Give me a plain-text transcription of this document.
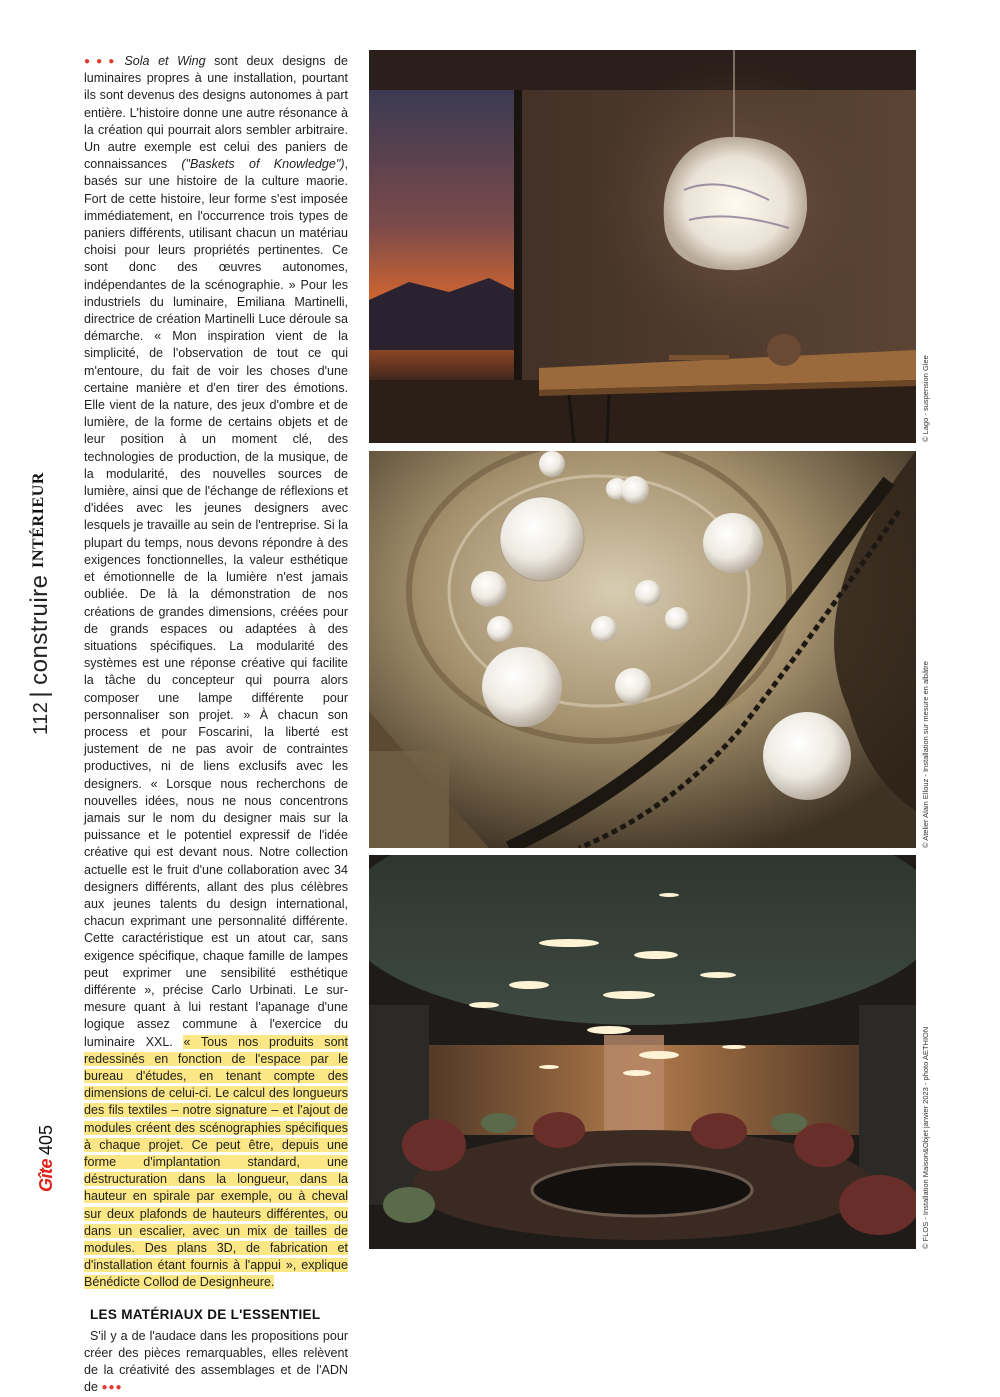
112|construire
INTÉRIEUR
Gîte405

●●● Sola et Wing sont deux designs de luminaires propres à une installation, pourtant ils sont devenus des designs autonomes à part entière. L'histoire donne une autre résonance à la création qui pourrait alors sembler arbitraire. Un autre exemple est celui des paniers de connaissances ("Baskets of Knowledge"), basés sur une histoire de la culture maorie. Fort de cette histoire, leur forme s'est imposée immédiatement, en l'occurrence trois types de paniers différents, utilisant chacun un matériau choisi pour leurs propriétés pertinentes. Ce sont donc des œuvres autonomes, indépendantes de la scénographie. » Pour les industriels du luminaire, Emiliana Martinelli, directrice de création Martinelli Luce déroule sa démarche. « Mon inspiration vient de la simplicité, de l'observation de tout ce qui m'entoure, du fait de voir les choses d'une certaine manière et d'en tirer des émotions. Elle vient de la nature, des jeux d'ombre et de lumière, de la forme de certains objets et de leur position à un moment clé, des technologies de production, de la musique, de la modularité, des nouvelles sources de lumière, ainsi que de l'échange de réflexions et d'idées avec les jeunes designers avec lesquels je travaille au sein de l'entreprise. Si la plupart du temps, nous devons répondre à des exigences fonctionnelles, la valeur esthétique et émotionnelle de la lumière n'est jamais oubliée. De là la démonstration de nos créations de grandes dimensions, créées pour de grands espaces ou adaptées à des situations spécifiques. La modularité des systèmes est une réponse créative qui facilite la tâche du concepteur qui pourra alors composer une lampe différente pour personnaliser son projet. » À chacun son process et pour Foscarini, la liberté est justement de ne pas avoir de contraintes productives, ni de liens exclusifs avec les designers. « Lorsque nous recherchons de nouvelles idées, nous ne nous concentrons jamais sur le nom du designer mais sur la puissance et le potentiel expressif de l'idée créative qui est devant nous. Notre collection actuelle est le fruit d'une collaboration avec 34 designers différents, allant des plus célèbres aux jeunes talents du design international, chacun exprimant une personnalité différente. Cette caractéristique est un atout car, sans exigence spécifique, chaque famille de lampes peut exprimer une sensibilité esthétique différente », précise Carlo Urbinati. Le sur-mesure quant à lui restant l'apanage d'une logique assez commune à l'exercice du luminaire XXL. « Tous nos produits sont redessinés en fonction de l'espace par le bureau d'études, en tenant compte des dimensions de celui-ci. Le calcul des longueurs des fils textiles – notre signature – et l'ajout de modules créent des scénographies spécifiques à chaque projet. Ce peut être, depuis une forme d'implantation standard, une déstructuration dans la longueur, dans la hauteur en spirale par exemple, ou à cheval sur deux plafonds de hauteurs différentes, ou dans un escalier, avec un mix de tailles de modules. Des plans 3D, de fabrication et d'installation étant fournis à l'appui », explique Bénédicte Collod de Designheure.

LES MATÉRIAUX DE L'ESSENTIEL

S'il y a de l'audace dans les propositions pour créer des pièces remarquables, elles relèvent de la créativité des assemblages et de l'ADN de ●●●

© Lago - suspension Glee
© Atelier Alain Ellouz - Installation sur mesure en albâtre
© FLOS - Installation Maison&Objet janvier 2023 - photo AETHION
